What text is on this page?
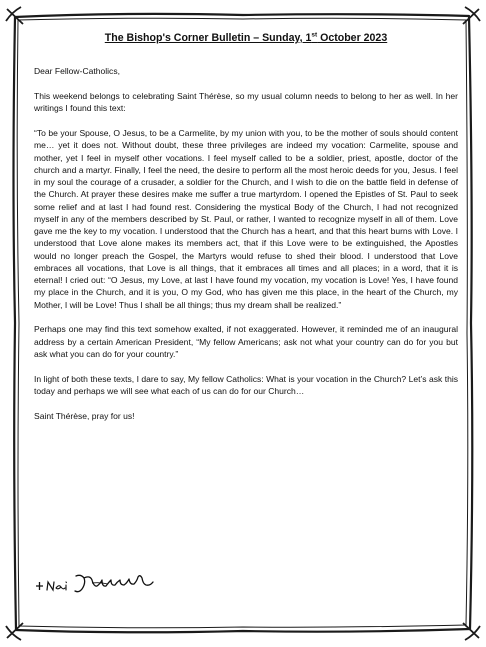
The Bishop's Corner Bulletin – Sunday, 1st October 2023

Dear Fellow-Catholics,

This weekend belongs to celebrating Saint Thérèse, so my usual column needs to belong to her as well. In her writings I found this text:

“To be your Spouse, O Jesus, to be a Carmelite, by my union with you, to be the mother of souls should content me… yet it does not. Without doubt, these three privileges are indeed my vocation: Carmelite, spouse and mother, yet I feel in myself other vocations. I feel myself called to be a soldier, priest, apostle, doctor of the church and a martyr. Finally, I feel the need, the desire to perform all the most heroic deeds for you, Jesus. I feel in my soul the courage of a crusader, a soldier for the Church, and I wish to die on the battle field in defense of the Church. At prayer these desires make me suffer a true martyrdom. I opened the Epistles of St. Paul to seek some relief and at last I had found rest. Considering the mystical Body of the Church, I had not recognized myself in any of the members described by St. Paul, or rather, I wanted to recognize myself in all of them. Love gave me the key to my vocation. I understood that the Church has a heart, and that this heart burns with Love. I understood that Love alone makes its members act, that if this Love were to be extinguished, the Apostles would no longer preach the Gospel, the Martyrs would refuse to shed their blood. I understood that Love embraces all vocations, that Love is all things, that it embraces all times and all places; in a word, that it is eternal! I cried out: “O Jesus, my Love, at last I have found my vocation, my vocation is Love! Yes, I have found my place in the Church, and it is you, O my God, who has given me this place, in the heart of the Church, my Mother, I will be Love! Thus I shall be all things; thus my dream shall be realized.”

Perhaps one may find this text somehow exalted, if not exaggerated. However, it reminded me of an inaugural address by a certain American President, “My fellow Americans; ask not what your country can do for you but ask what you can do for your country.”

In light of both these texts, I dare to say, My fellow Catholics: What is your vocation in the Church? Let’s ask this today and perhaps we will see what each of us can do for our Church…

Saint Thérèse, pray for us!
